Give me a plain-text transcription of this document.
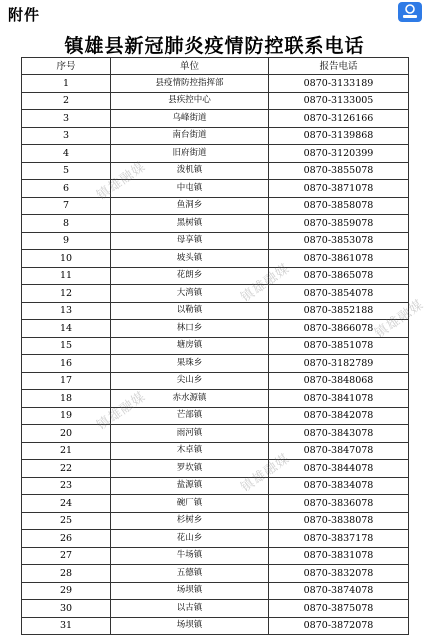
附件
镇雄县新冠肺炎疫情防控联系电话
序号	单位	报告电话
1	县疫情防控指挥部	0870-3133189
2	县疾控中心	0870-3133005
3	乌峰街道	0870-3126166
3	南台街道	0870-3139868
4	旧府街道	0870-3120399
5	泼机镇	0870-3855078
6	中屯镇	0870-3871078
7	鱼洞乡	0870-3858078
8	黑树镇	0870-3859078
9	母享镇	0870-3853078
10	坡头镇	0870-3861078
11	花朗乡	0870-3865078
12	大湾镇	0870-3854078
13	以勒镇	0870-3852188
14	林口乡	0870-3866078
15	塘房镇	0870-3851078
16	果珠乡	0870-3182789
17	尖山乡	0870-3848068
18	赤水源镇	0870-3841078
19	芒部镇	0870-3842078
20	雨河镇	0870-3843078
21	木卓镇	0870-3847078
22	罗坎镇	0870-3844078
23	盐源镇	0870-3834078
24	碗厂镇	0870-3836078
25	杉树乡	0870-3838078
26	花山乡	0870-3837178
27	牛场镇	0870-3831078
28	五德镇	0870-3832078
29	场坝镇	0870-3874078
30	以古镇	0870-3875078
31	场坝镇	0870-3872078
镇雄融媒
镇雄融媒
镇雄融媒
镇雄融媒
镇雄融媒
